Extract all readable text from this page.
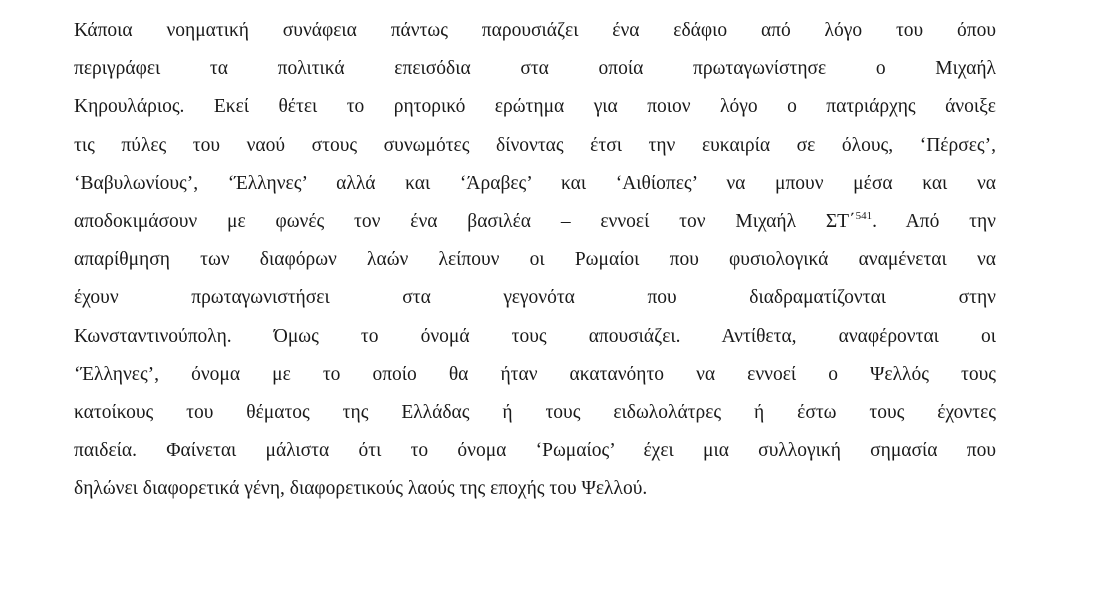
Κάποια νοηματική συνάφεια πάντως παρουσιάζει ένα εδάφιο από λόγο του όπου
περιγράφει τα πολιτικά επεισόδια στα οποία πρωταγωνίστησε ο Μιχαήλ
Κηρουλάριος. Εκεί θέτει το ρητορικό ερώτημα για ποιον λόγο ο πατριάρχης άνοιξε
τις πύλες του ναού στους συνωμότες δίνοντας έτσι την ευκαιρία σε όλους, ‘Πέρσες’,
‘Βαβυλωνίους’, ‘Έλληνες’ αλλά και ‘Άραβες’ και ‘Αιθίοπες’ να μπουν μέσα και να
αποδοκιμάσουν με φωνές τον ένα βασιλέα – εννοεί τον Μιχαήλ ΣΤ΄$^{541}$. Από την
απαρίθμηση των διαφόρων λαών λείπουν οι Ρωμαίοι που φυσιολογικά αναμένεται να
έχουν πρωταγωνιστήσει στα γεγονότα που διαδραματίζονται στην
Κωνσταντινούπολη. Όμως το όνομά τους απουσιάζει. Αντίθετα, αναφέρονται οι
‘Έλληνες’, όνομα με το οποίο θα ήταν ακατανόητο να εννοεί ο Ψελλός τους
κατοίκους του θέματος της Ελλάδας ή τους ειδωλολάτρες ή έστω τους έχοντες
παιδεία. Φαίνεται μάλιστα ότι το όνομα ‘Ρωμαίος’ έχει μια συλλογική σημασία που
δηλώνει διαφορετικά γένη, διαφορετικούς λαούς της εποχής του Ψελλού.
